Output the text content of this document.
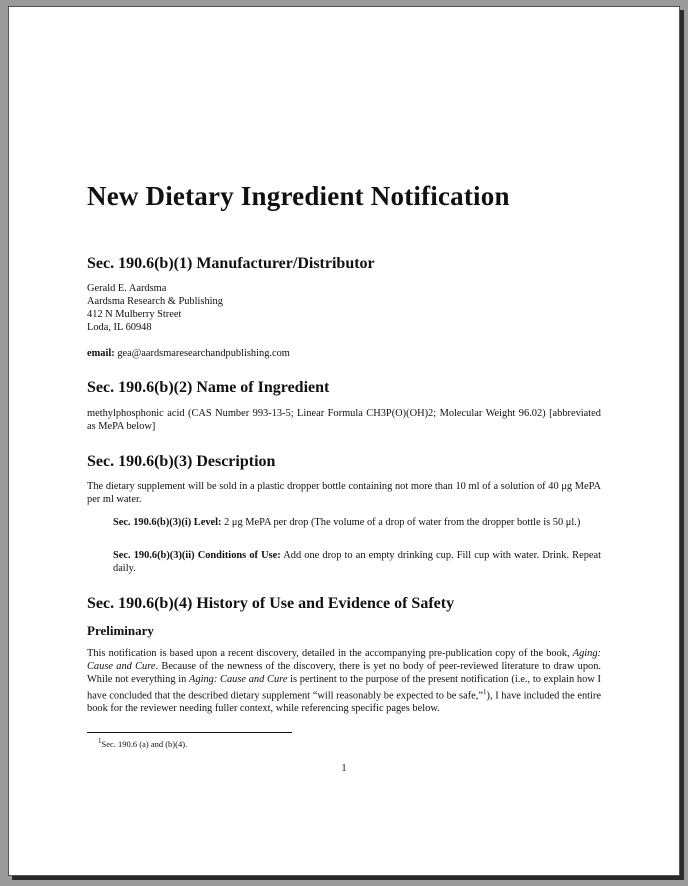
New Dietary Ingredient Notification
Sec. 190.6(b)(1) Manufacturer/Distributor
Gerald E. Aardsma
Aardsma Research & Publishing
412 N Mulberry Street
Loda, IL 60948

email: gea@aardsmaresearchandpublishing.com

Sec. 190.6(b)(2) Name of Ingredient

methylphosphonic acid (CAS Number 993-13-5; Linear Formula CH3P(O)(OH)2; Molecular Weight 96.02) [abbreviated as MePA below]

Sec. 190.6(b)(3) Description

The dietary supplement will be sold in a plastic dropper bottle containing not more than 10 ml of a solution of 40 μg MePA per ml water.

Sec. 190.6(b)(3)(i) Level: 2 μg MePA per drop (The volume of a drop of water from the dropper bottle is 50 μl.)

Sec. 190.6(b)(3)(ii) Conditions of Use: Add one drop to an empty drinking cup. Fill cup with water. Drink. Repeat daily.

Sec. 190.6(b)(4) History of Use and Evidence of Safety
Preliminary

This notification is based upon a recent discovery, detailed in the accompanying pre-publication copy of the book, Aging: Cause and Cure. Because of the newness of the discovery, there is yet no body of peer-reviewed literature to draw upon. While not everything in Aging: Cause and Cure is pertinent to the purpose of the present notification (i.e., to explain how I have concluded that the described dietary supplement “will reasonably be expected to be safe,”$^1$), I have included the entire book for the reviewer needing fuller context, while referencing specific pages below.

$^1$Sec. 190.6 (a) and (b)(4).
1
